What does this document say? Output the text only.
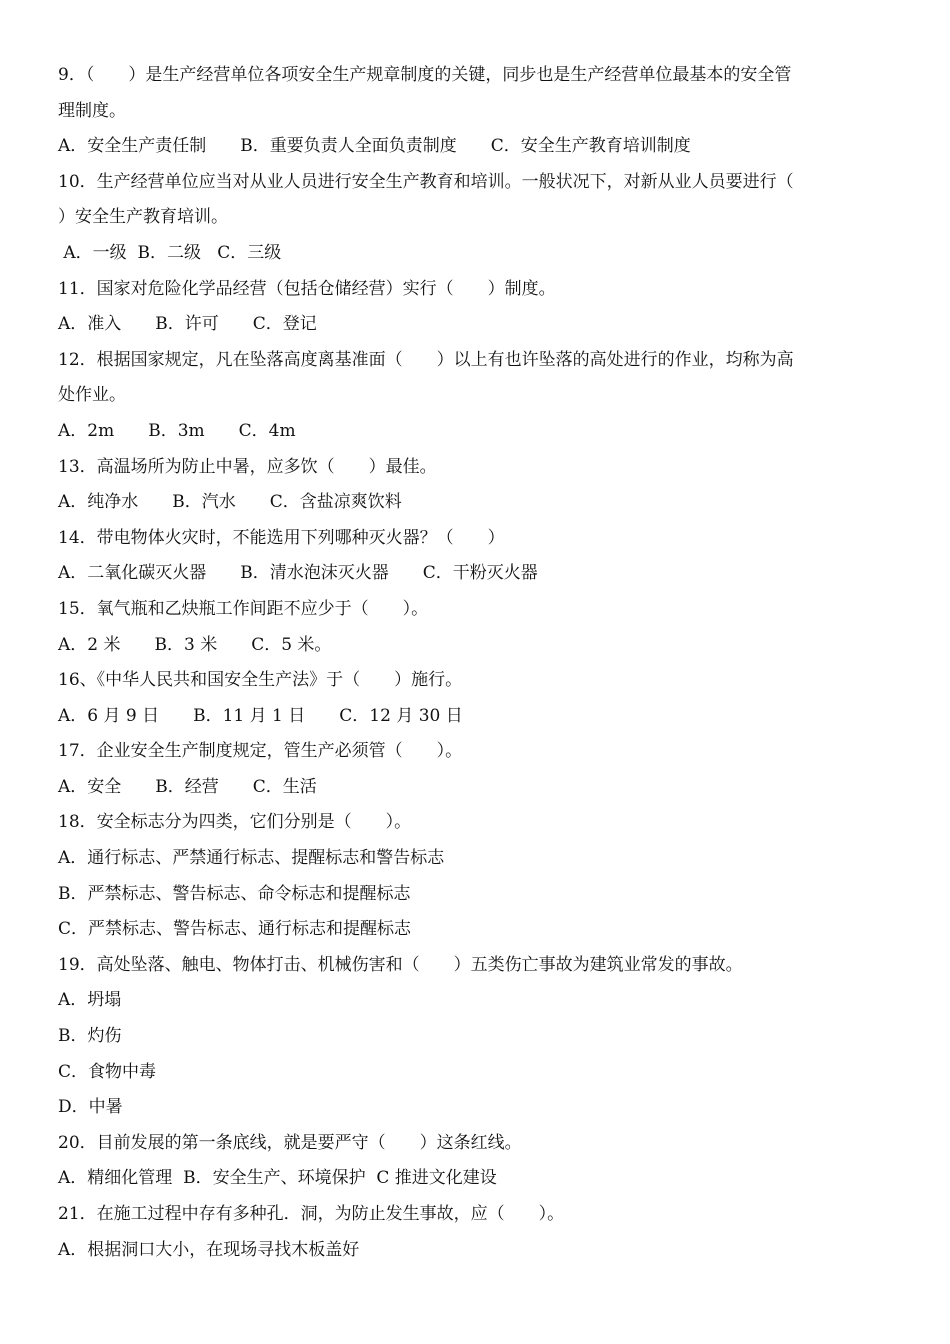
9．（　　）是生产经营单位各项安全生产规章制度的关键，同步也是生产经营单位最基本的安全管
理制度。
A．安全生产责任制　　B．重要负责人全面负责制度　　C．安全生产教育培训制度
10．生产经营单位应当对从业人员进行安全生产教育和培训。一般状况下，对新从业人员要进行（
）安全生产教育培训。
A．一级  B．二级   C．三级
11．国家对危险化学品经营（包括仓储经营）实行（　　）制度。
A．准入　　B．许可　　C．登记
12．根据国家规定，凡在坠落高度离基准面（　　）以上有也许坠落的高处进行的作业，均称为高
处作业。
A．2m　　B．3m　　C．4m
13．高温场所为防止中暑，应多饮（　　）最佳。
A．纯净水　　B．汽水　　C．含盐凉爽饮料
14．带电物体火灾时，不能选用下列哪种灭火器？（　　）
A．二氧化碳灭火器　　B．清水泡沫灭火器　　C．干粉灭火器
15．氧气瓶和乙炔瓶工作间距不应少于（　　）。
A．2 米　　B．3 米　　C．5 米。
16、《中华人民共和国安全生产法》于（　　）施行。
A．6 月 9 日　　B．11 月 1 日　　C．12 月 30 日
17．企业安全生产制度规定，管生产必须管（　　）。
A．安全　　B．经营　　C．生活
18．安全标志分为四类，它们分别是（　　）。
A．通行标志、严禁通行标志、提醒标志和警告标志
B．严禁标志、警告标志、命令标志和提醒标志
C．严禁标志、警告标志、通行标志和提醒标志
19．高处坠落、触电、物体打击、机械伤害和（　　）五类伤亡事故为建筑业常发的事故。
A．坍塌
B．灼伤
C．食物中毒
D．中暑
20．目前发展的第一条底线，就是要严守（　　）这条红线。
A．精细化管理  B．安全生产、环境保护  C 推进文化建设
21．在施工过程中存有多种孔．洞，为防止发生事故，应（　　）。
A．根据洞口大小，在现场寻找木板盖好
